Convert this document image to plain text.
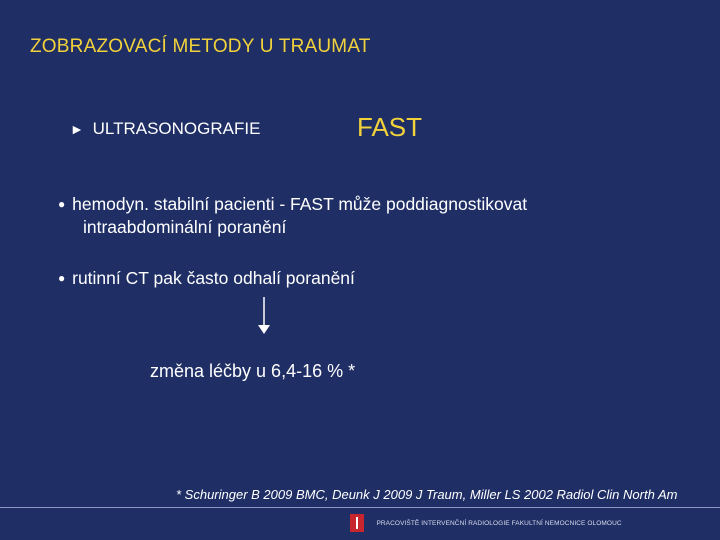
ZOBRAZOVACÍ METODY U TRAUMAT
► ULTRASONOGRAFIE	FAST
● hemodyn. stabilní pacienti - FAST může poddiagnostikovat
intraabdominální poranění
● rutinní CT pak často odhalí poranění
změna léčby u 6,4-16 % *
* Schuringer B 2009 BMC, Deunk J 2009 J Traum, Miller LS 2002 Radiol Clin North Am
PRACOVIŠTĚ INTERVENČNÍ RADIOLOGIE FAKULTNÍ NEMOCNICE OLOMOUC
